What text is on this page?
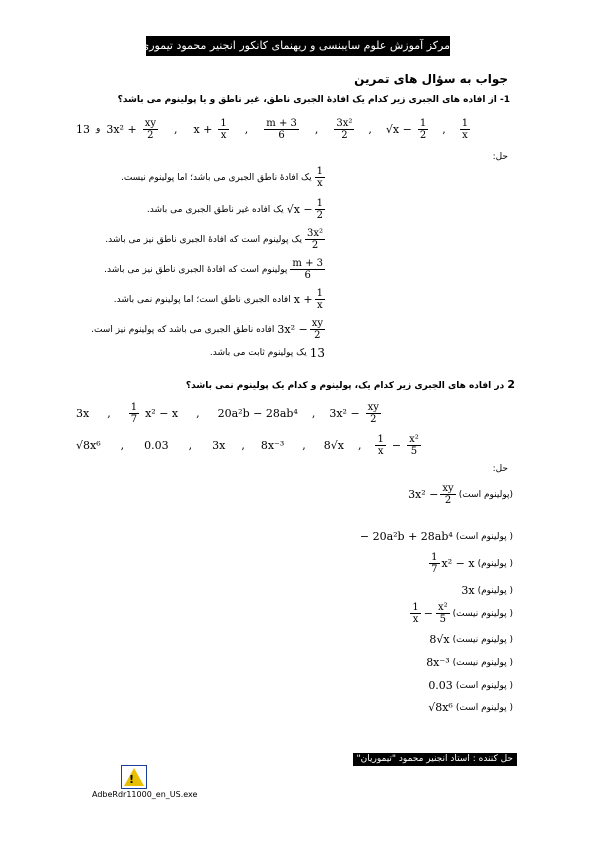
مرکز آموزش علوم سایبنسی و ریهنمای کانکور انجنیر محمود تیموری
جواب به سؤال های تمرین
1- از افاده های الجبری زیر کدام یک افادۀ الجبری ناطق، غیر ناطق و یا پولینوم می باشد؟
13 و $3x^2 + \frac{xy}{2}$ , $x + \frac{1}{x}$ , $\frac{m + 3}{6}$ , $\frac{\text{3x²}}{2}$ , $√x - \frac{1}{2}$ , $\frac{1}{x}$
حل:
$\frac{1}{x}$
یک افادۀ ناطق الجبری می باشد؛ اما پولینوم نیست.
$√x - \frac{1}{2}$
یک افاده غیر ناطق الجبری می باشد.
$\frac{\text{3x²}}{2}$
یک پولینوم است که افادۀ الجبری ناطق نیز می باشد.
$\frac{m + 3}{6}$
پولینوم است که افادۀ الجبری ناطق نیز می باشد.
$x + \frac{1}{x}$
افاده الجبری ناطق است؛ اما پولینوم نمی باشد.
$3x^2 - \frac{xy}{2}$
افاده ناطق الجبری می باشد که پولینوم نیز است.
13
یک پولینوم ثابت می باشد.
2 در افاده های الجبری زیر کدام یک، پولینوم و کدام یک پولینوم نمی باشد؟
3x , $\frac{1}{7} x^2 - x$ , 20a²b − 28ab⁴ , $3x^2 - \frac{xy}{2}$
√8x⁶ , 0.03 , 3x , 8x⁻³ , 8√x , $\frac{1}{x} - \frac{\text{x²}}{5}$
حل:
(پولینوم است)
$3x^2 - \frac{xy}{2}$
( پولینوم است)
− 20a²b + 28ab⁴
( پولینوم)
$\frac{1}{7} x^2 - x$
( پولینوم)
3x
( پولینوم نیست)
$\frac{1}{x} - \frac{\text{x²}}{5}$
( پولینوم نیست)
8√x
( پولینوم نیست)
8x⁻³
( پولینوم است)
0.03
( پولینوم است)
√8x⁶
حل کننده : استاد انجنیر محمود "تیموریان"
!
AdbeRdr11000_en_US.exe
